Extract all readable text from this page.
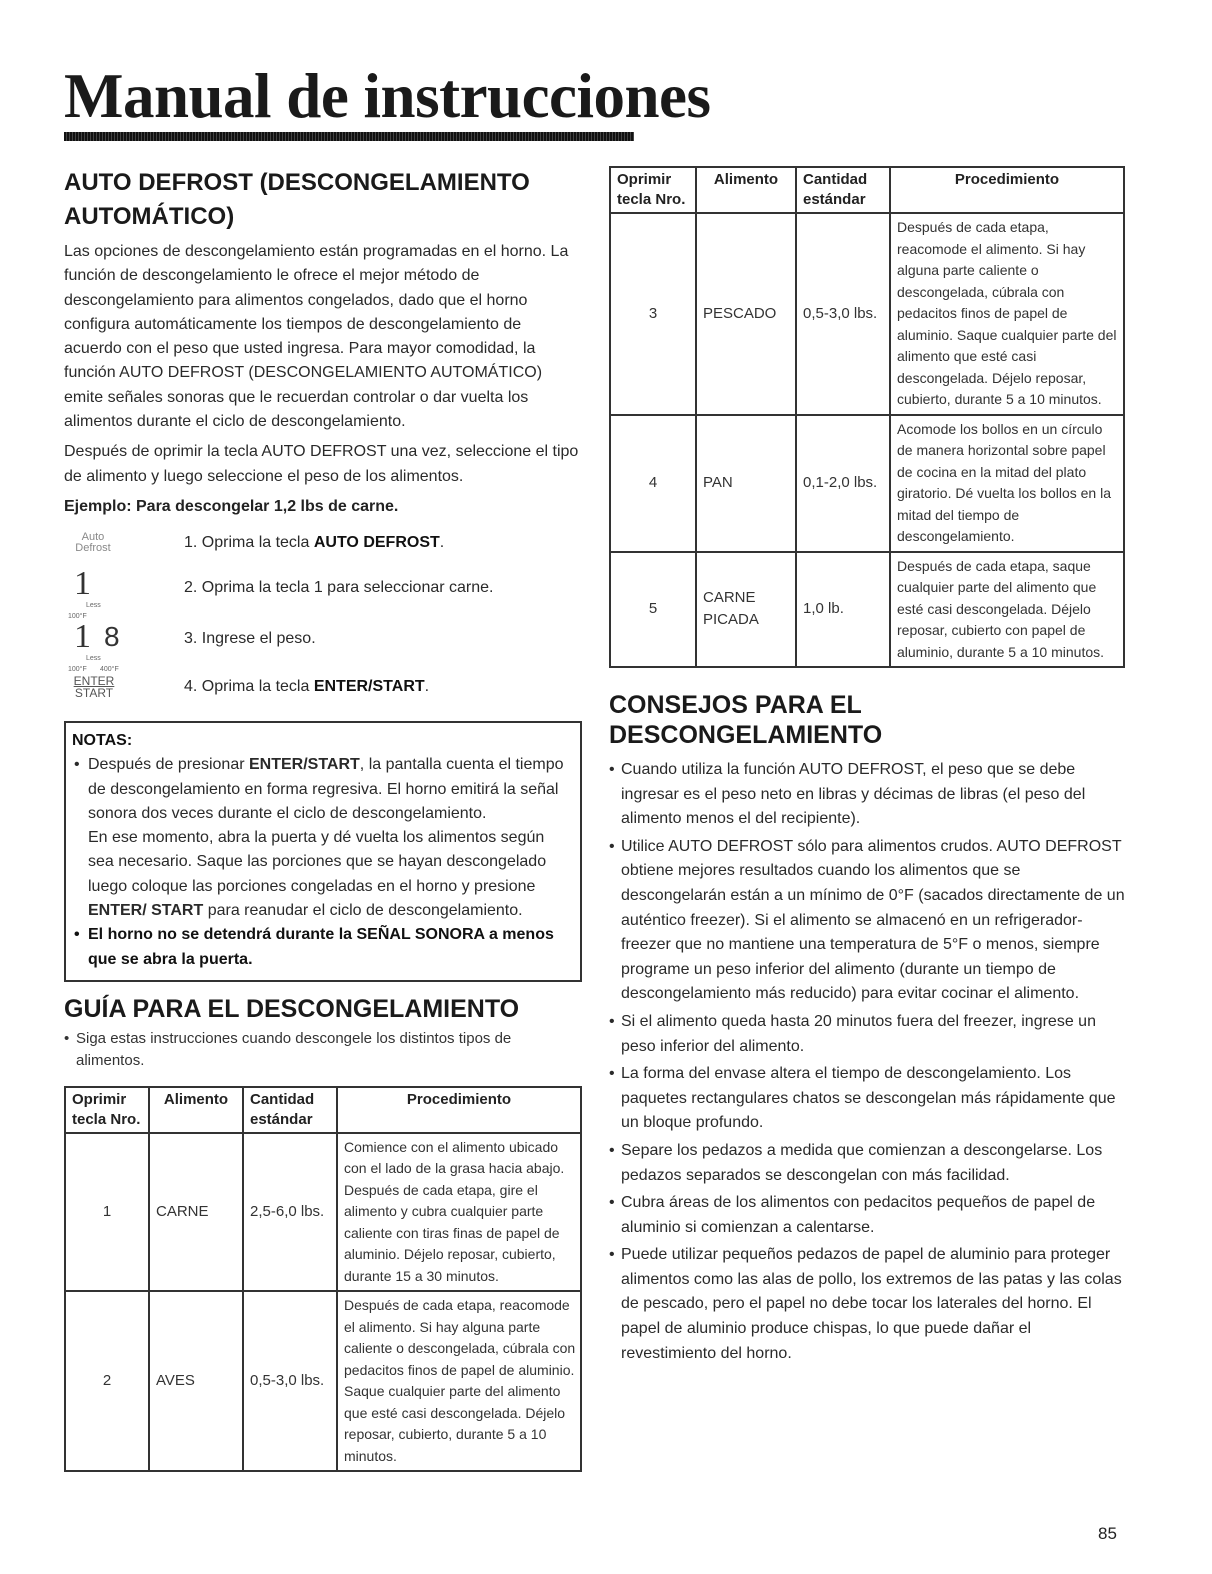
Manual de instrucciones
AUTO DEFROST (DESCONGELAMIENTO AUTOMÁTICO)

Las opciones de descongelamiento están programadas en el horno. La función de descongelamiento le ofrece el mejor método de descongelamiento para alimentos congelados, dado que el horno configura automáticamente los tiempos de descongelamiento de acuerdo con el peso que usted ingresa. Para mayor comodidad, la función AUTO DEFROST (DESCONGELAMIENTO AUTOMÁTICO) emite señales sonoras que le recuerdan controlar o dar vuelta los alimentos durante el ciclo de descongelamiento.

Después de oprimir la tecla AUTO DEFROST una vez, seleccione el tipo de alimento y luego seleccione el peso de los alimentos.

Ejemplo: Para descongelar 1,2 lbs de carne.

Auto
Defrost	1. Oprima la tecla AUTO DEFROST.
1
Less
100°F
2. Oprima la tecla 1 para seleccionar carne.
1
Less
8
100°F 400°F
3. Ingrese el peso.
ENTER
START	4. Oprima la tecla ENTER/START.
NOTAS:
• Después de presionar ENTER/START, la pantalla cuenta el tiempo de descongelamiento en forma regresiva. El horno emitirá la señal sonora dos veces durante el ciclo de descongelamiento.
En ese momento, abra la puerta y dé vuelta los alimentos según sea necesario. Saque las porciones que se hayan descongelado luego coloque las porciones congeladas en el horno y presione ENTER/ START para reanudar el ciclo de descongelamiento.
• El horno no se detendrá durante la SEÑAL SONORA a menos que se abra la puerta.
GUÍA PARA EL DESCONGELAMIENTO
• Siga estas instrucciones cuando descongele los distintos tipos de alimentos.
Oprimir tecla Nro.	Alimento	Cantidad estándar	Procedimiento
1	CARNE	2,5-6,0 lbs.	Comience con el alimento ubicado con el lado de la grasa hacia abajo. Después de cada etapa, gire el alimento y cubra cualquier parte caliente con tiras finas de papel de aluminio. Déjelo reposar, cubierto, durante 15 a 30 minutos.
2	AVES	0,5-3,0 lbs.	Después de cada etapa, reacomode el alimento. Si hay alguna parte caliente o descongelada, cúbrala con pedacitos finos de papel de aluminio. Saque cualquier parte del alimento que esté casi descongelada. Déjelo reposar, cubierto, durante 5 a 10 minutos.
Oprimir tecla Nro.	Alimento	Cantidad estándar	Procedimiento
3	PESCADO	0,5-3,0 lbs.	Después de cada etapa, reacomode el alimento. Si hay alguna parte caliente o descongelada, cúbrala con pedacitos finos de papel de aluminio. Saque cualquier parte del alimento que esté casi descongelada. Déjelo reposar, cubierto, durante 5 a 10 minutos.
4	PAN	0,1-2,0 lbs.	Acomode los bollos en un círculo de manera horizontal sobre papel de cocina en la mitad del plato giratorio. Dé vuelta los bollos en la mitad del tiempo de descongelamiento.
5	CARNE PICADA	1,0 lb.	Después de cada etapa, saque cualquier parte del alimento que esté casi descongelada. Déjelo reposar, cubierto con papel de aluminio, durante 5 a 10 minutos.
CONSEJOS PARA EL DESCONGELAMIENTO
• Cuando utiliza la función AUTO DEFROST, el peso que se debe ingresar es el peso neto en libras y décimas de libras (el peso del alimento menos el del recipiente).
• Utilice AUTO DEFROST sólo para alimentos crudos. AUTO DEFROST obtiene mejores resultados cuando los alimentos que se descongelarán están a un mínimo de 0°F (sacados directamente de un auténtico freezer). Si el alimento se almacenó en un refrigerador-freezer que no mantiene una temperatura de 5°F o menos, siempre programe un peso inferior del alimento (durante un tiempo de descongelamiento más reducido) para evitar cocinar el alimento.
• Si el alimento queda hasta 20 minutos fuera del freezer, ingrese un peso inferior del alimento.
• La forma del envase altera el tiempo de descongelamiento. Los paquetes rectangulares chatos se descongelan más rápidamente que un bloque profundo.
• Separe los pedazos a medida que comienzan a descongelarse. Los pedazos separados se descongelan con más facilidad.
• Cubra áreas de los alimentos con pedacitos pequeños de papel de aluminio si comienzan a calentarse.
• Puede utilizar pequeños pedazos de papel de aluminio para proteger alimentos como las alas de pollo, los extremos de las patas y las colas de pescado, pero el papel no debe tocar los laterales del horno. El papel de aluminio produce chispas, lo que puede dañar el revestimiento del horno.
85
